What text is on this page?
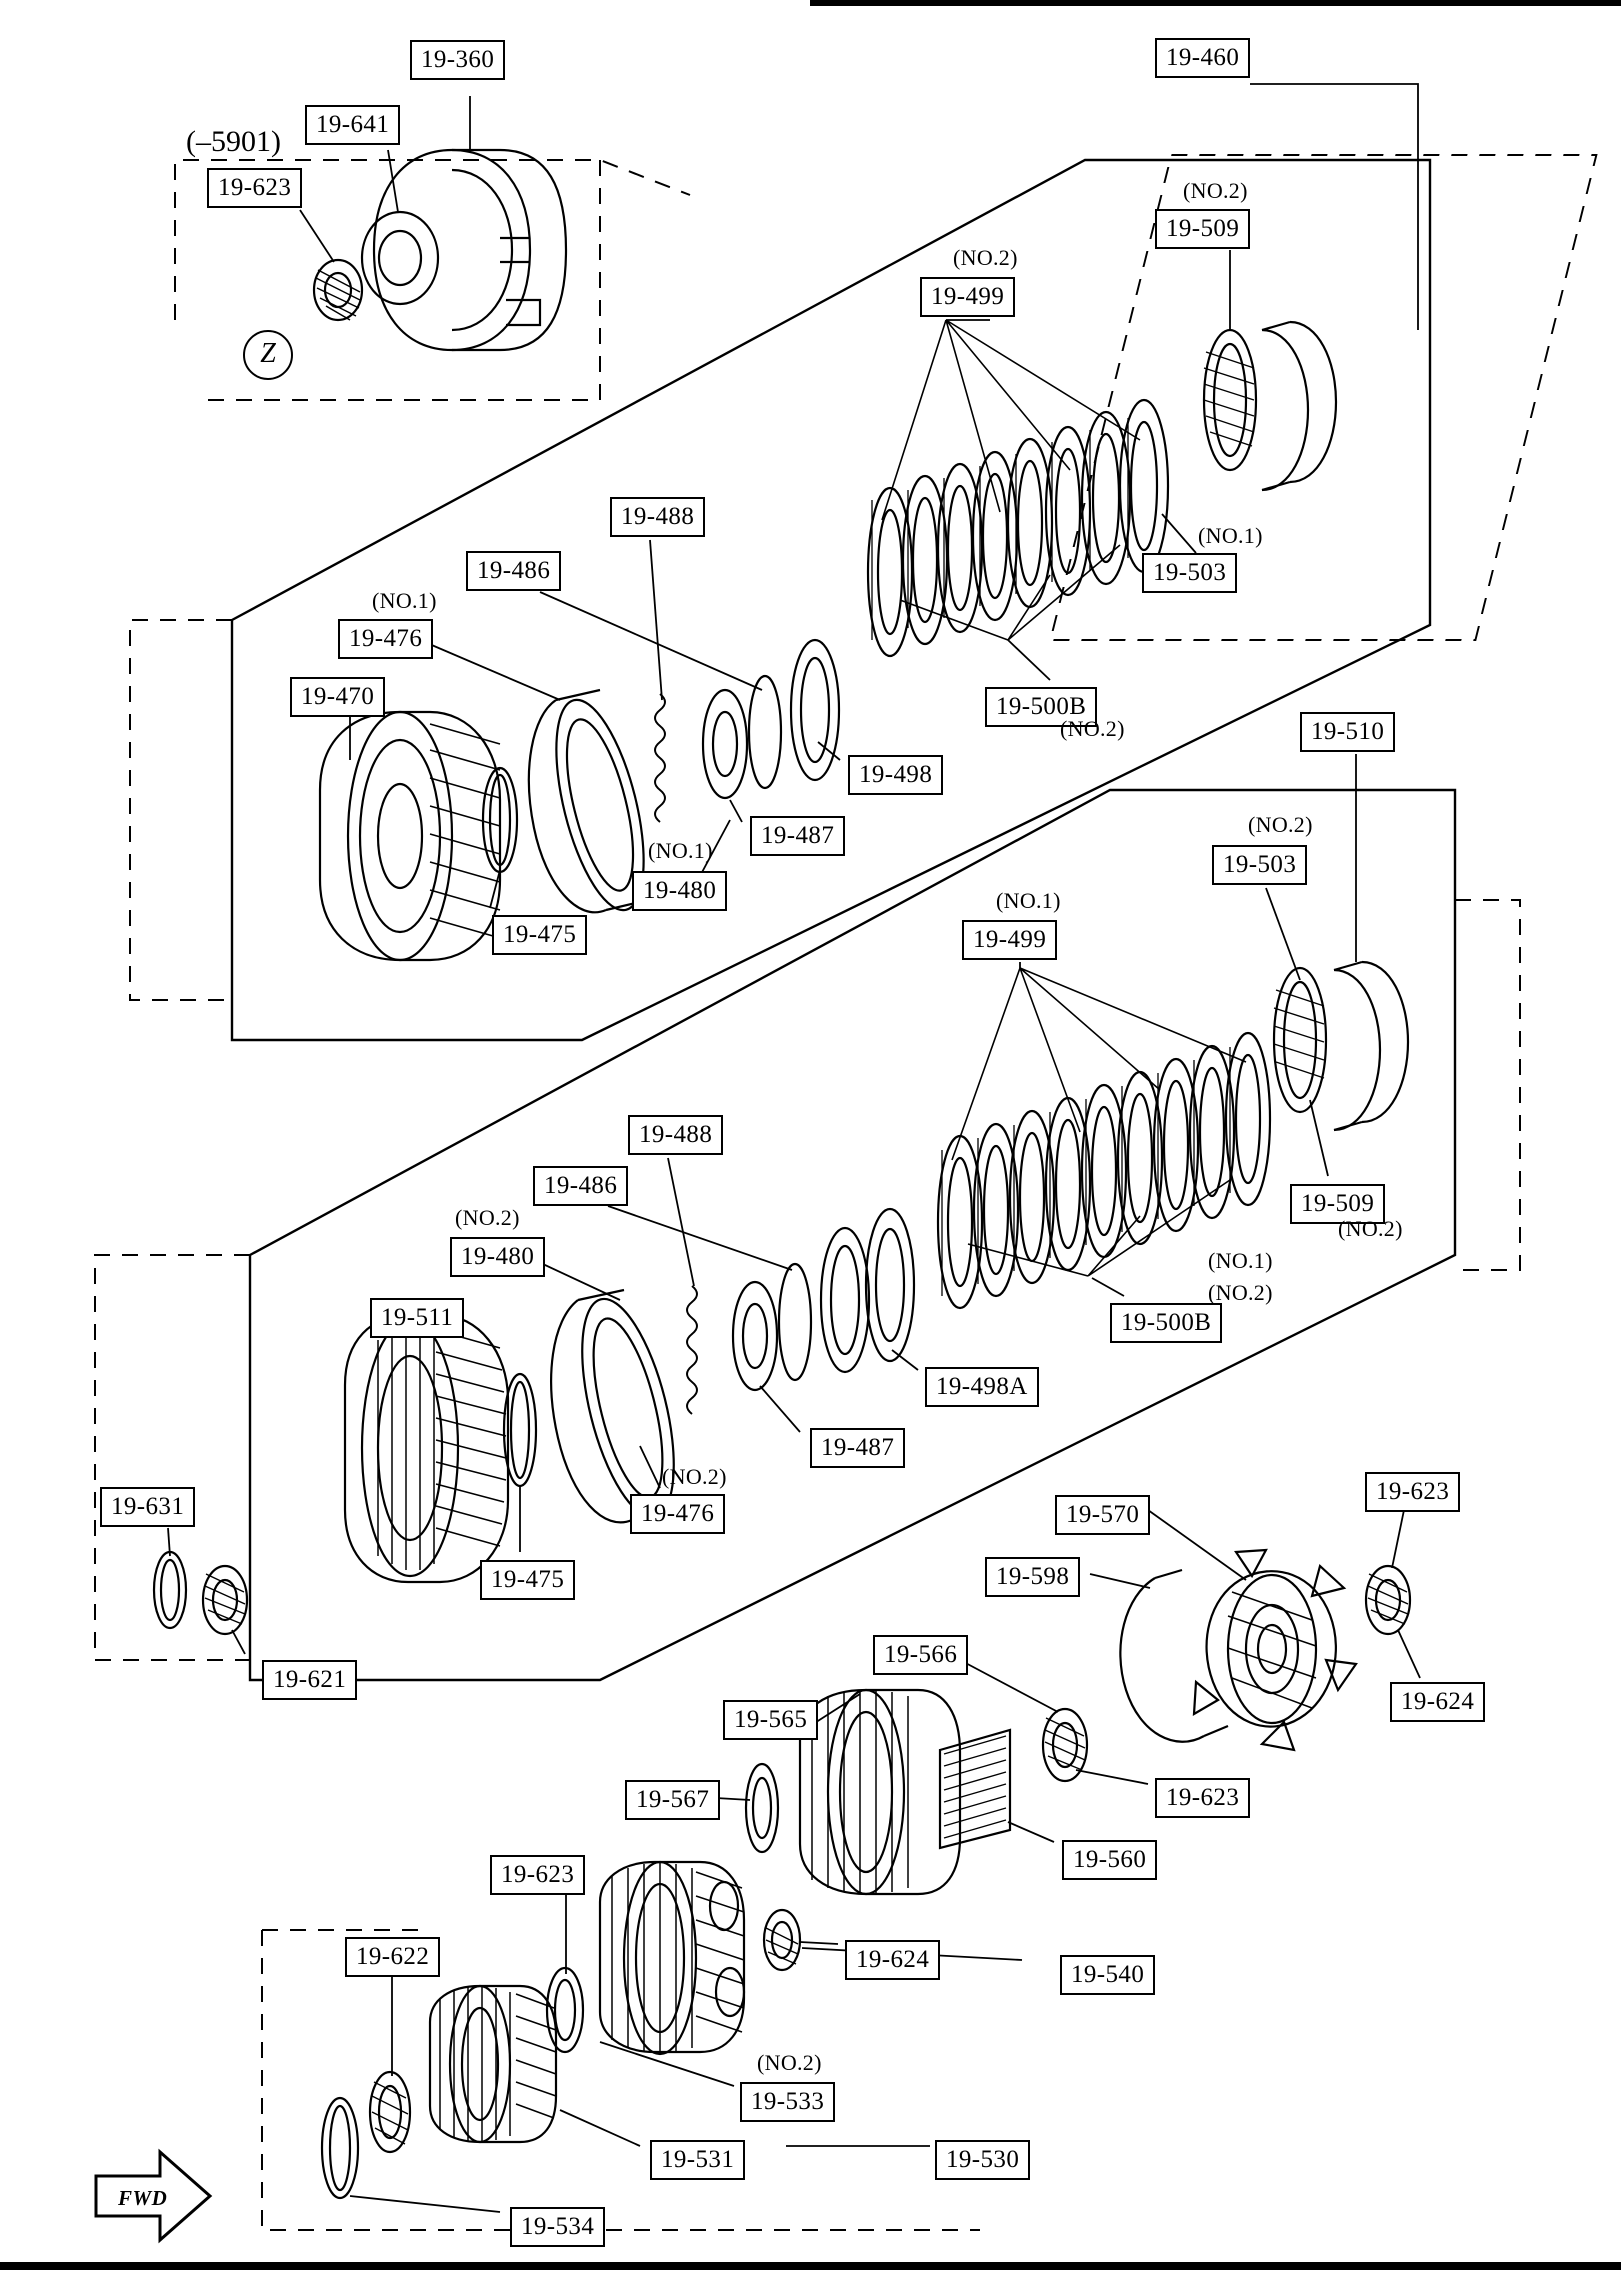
(–5901)
Z
FWD
19-360
19-641
19-623
19-460
19-509
19-499
19-503
19-488
19-486
19-476
19-470
19-498
19-487
19-480
19-475
19-500B
19-510
19-503
19-499
19-488
19-486
19-480
19-511
19-509
19-500B
19-498A
19-487
19-476
19-475
19-631
19-621
19-623
19-570
19-598
19-624
19-566
19-565
19-623
19-567
19-560
19-623
19-622	19-624
19-540
19-533
19-531	19-530
19-534
(NO.2)
(NO.2)
(NO.1)
(NO.1)
(NO.1)
(NO.2)
(NO.2)
(NO.1)
(NO.2)
(NO.1)
(NO.2)
(NO.2)
(NO.2)
(NO.2)
